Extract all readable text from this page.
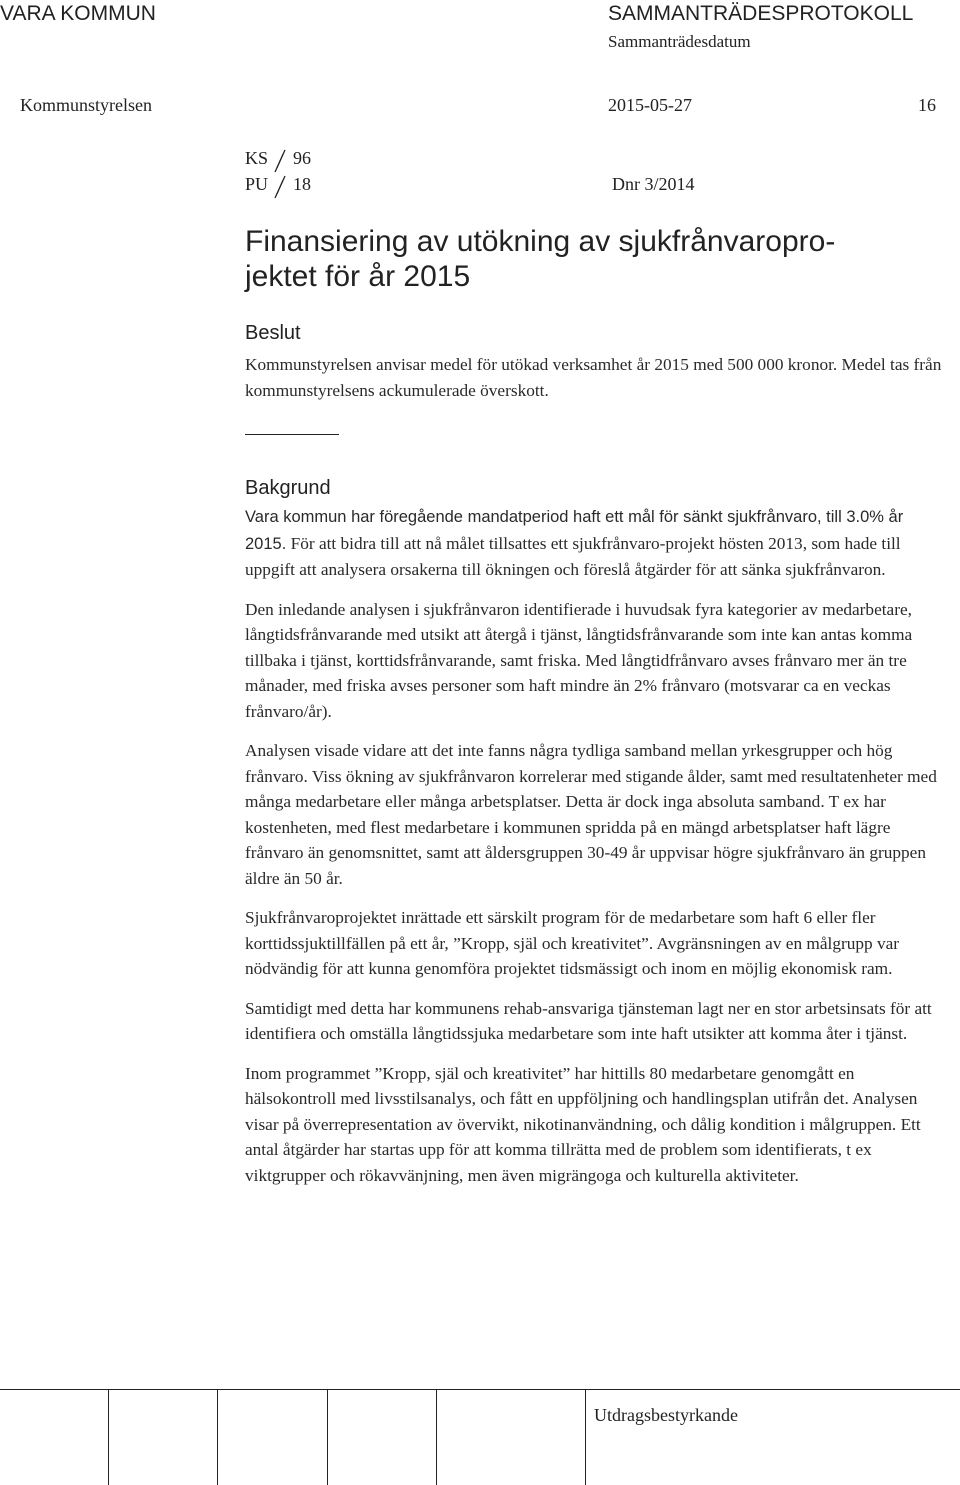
VARA KOMMUN	SAMMANTRÄDESPROTOKOLL
Sammanträdesdatum
Kommunstyrelsen	2015-05-27	16
KS 96
PU 18	Dnr 3/2014
Finansiering av utökning av sjukfrånvaropro-
jektet för år 2015
Beslut
Kommunstyrelsen anvisar medel för utökad verksamhet år 2015 med 500 000 kronor. Medel tas från kommunstyrelsens ackumulerade överskott.
Bakgrund

Vara kommun har föregående mandatperiod haft ett mål för sänkt sjukfrånvaro, till 3.0% år 2015. För att bidra till att nå målet tillsattes ett sjukfrånvaro-projekt hösten 2013, som hade till uppgift att analysera orsakerna till ökningen och föreslå åtgärder för att sänka sjukfrånvaron.

Den inledande analysen i sjukfrånvaron identifierade i huvudsak fyra kategorier av medarbetare, långtidsfrånvarande med utsikt att återgå i tjänst, långtidsfrånvarande som inte kan antas komma tillbaka i tjänst, korttidsfrånvarande, samt friska. Med långtidfrånvaro avses frånvaro mer än tre månader, med friska avses personer som haft mindre än 2% frånvaro (motsvarar ca en veckas frånvaro/år).

Analysen visade vidare att det inte fanns några tydliga samband mellan yrkesgrupper och hög frånvaro. Viss ökning av sjukfrånvaron korrelerar med stigande ålder, samt med resultatenheter med många medarbetare eller många arbetsplatser. Detta är dock inga absoluta samband. T ex har kostenheten, med flest medarbetare i kommunen spridda på en mängd arbetsplatser haft lägre frånvaro än genomsnittet, samt att åldersgruppen 30-49 år uppvisar högre sjukfrånvaro än gruppen äldre än 50 år.

Sjukfrånvaroprojektet inrättade ett särskilt program för de medarbetare som haft 6 eller fler korttidssjuktillfällen på ett år, ”Kropp, själ och kreativitet”. Avgränsningen av en målgrupp var nödvändig för att kunna genomföra projektet tidsmässigt och inom en möjlig ekonomisk ram.

Samtidigt med detta har kommunens rehab-ansvariga tjänsteman lagt ner en stor arbetsinsats för att identifiera och omställa långtidssjuka medarbetare som inte haft utsikter att komma åter i tjänst.

Inom programmet ”Kropp, själ och kreativitet” har hittills 80 medarbetare genomgått en hälsokontroll med livsstilsanalys, och fått en uppföljning och handlingsplan utifrån det. Analysen visar på överrepresentation av övervikt, nikotinanvändning, och dålig kondition i målgruppen. Ett antal åtgärder har startas upp för att komma tillrätta med de problem som identifierats, t ex viktgrupper och rökavvänjning, men även migrängoga och kulturella aktiviteter.

Utdragsbestyrkande
